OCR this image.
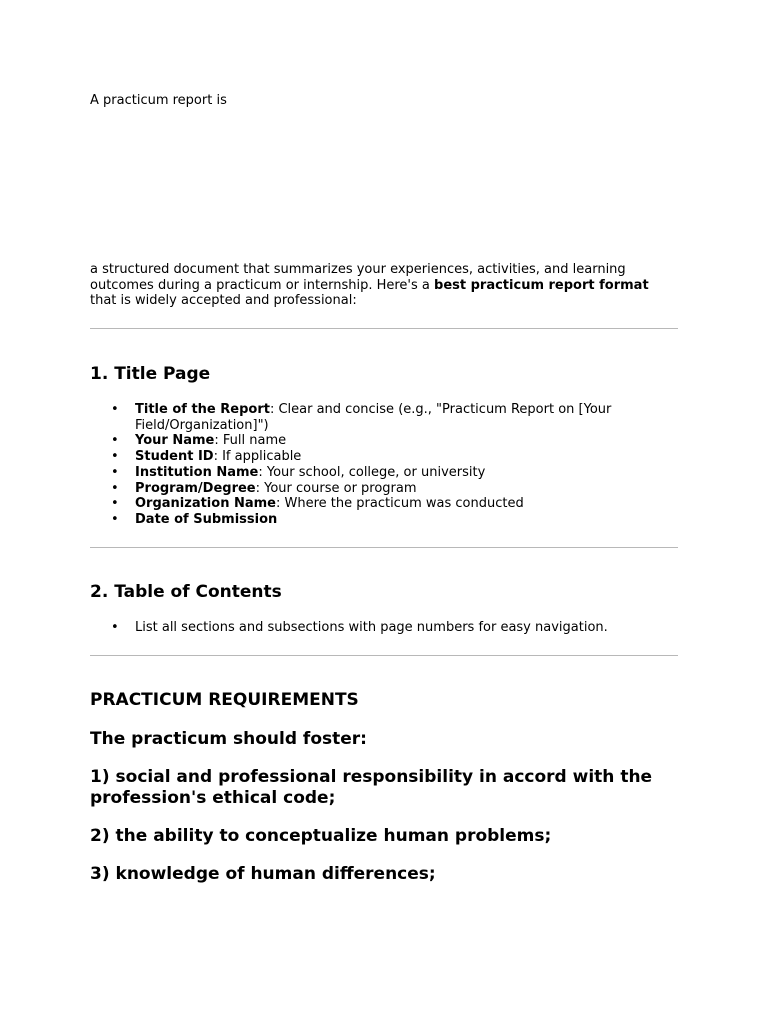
A practicum report is

a structured document that summarizes your experiences, activities, and learning outcomes during a practicum or internship. Here's a best practicum report format that is widely accepted and professional:

1. Title Page
• Title of the Report: Clear and concise (e.g., "Practicum Report on [Your Field/Organization]")
• Your Name: Full name
• Student ID: If applicable
• Institution Name: Your school, college, or university
• Program/Degree: Your course or program
• Organization Name: Where the practicum was conducted
• Date of Submission
2. Table of Contents
• List all sections and subsections with page numbers for easy navigation.

PRACTICUM REQUIREMENTS

The practicum should foster:

1) social and professional responsibility in accord with the profession's ethical code;

2) the ability to conceptualize human problems;

3) knowledge of human differences;
